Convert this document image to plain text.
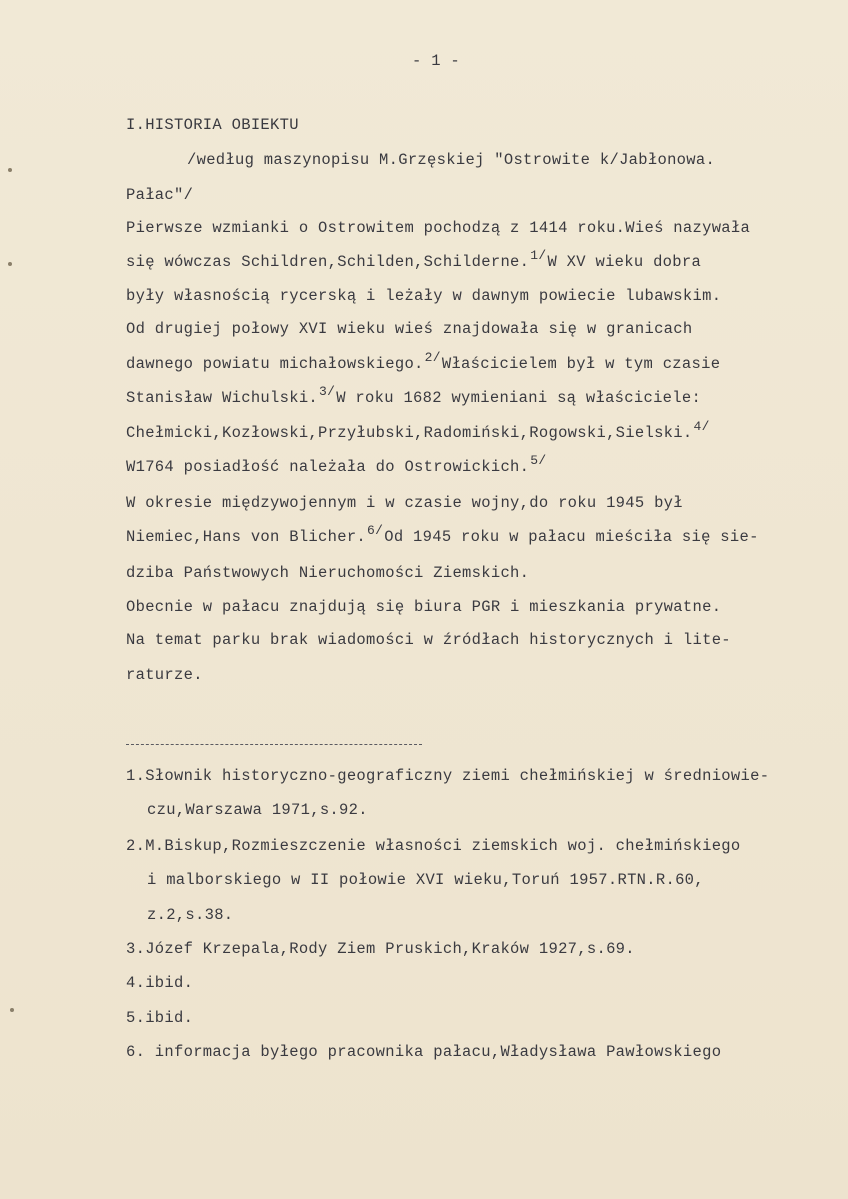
- 1 -
I.HISTORIA OBIEKTU
/według maszynopisu M.Grzęskiej "Ostrowite k/Jabłonowa.
Pałac"/
Pierwsze wzmianki o Ostrowitem pochodzą z 1414 roku.Wieś nazywała
się wówczas Schildren,Schilden,Schilderne.$^{1/}$W XV wieku dobra
były własnością rycerską i leżały w dawnym powiecie lubawskim.
Od drugiej połowy XVI wieku wieś znajdowała się w granicach
dawnego powiatu michałowskiego.$^{2/}$Właścicielem był w tym czasie
Stanisław Wichulski.$^{3/}$W roku 1682 wymieniani są właściciele:
Chełmicki,Kozłowski,Przyłubski,Radomiński,Rogowski,Sielski.$^{4/}$
W1764 posiadłość należała do Ostrowickich.$^{5/}$
W okresie międzywojennym i w czasie wojny,do roku 1945 był
Niemiec,Hans von Blicher.$^{6/}$Od 1945 roku w pałacu mieściła się sie-
dziba Państwowych Nieruchomości Ziemskich.
Obecnie w pałacu znajdują się biura PGR i mieszkania prywatne.
Na temat parku brak wiadomości w źródłach historycznych i lite-
raturze.
1.Słownik historyczno-geograficzny ziemi chełmińskiej w średniowie-
czu,Warszawa 1971,s.92.
2.M.Biskup,Rozmieszczenie własności ziemskich woj. chełmińskiego
i malborskiego w II połowie XVI wieku,Toruń 1957.RTN.R.60,
z.2,s.38.
3.Józef Krzepala,Rody Ziem Pruskich,Kraków 1927,s.69.
4.ibid.
5.ibid.
6. informacja byłego pracownika pałacu,Władysława Pawłowskiego
